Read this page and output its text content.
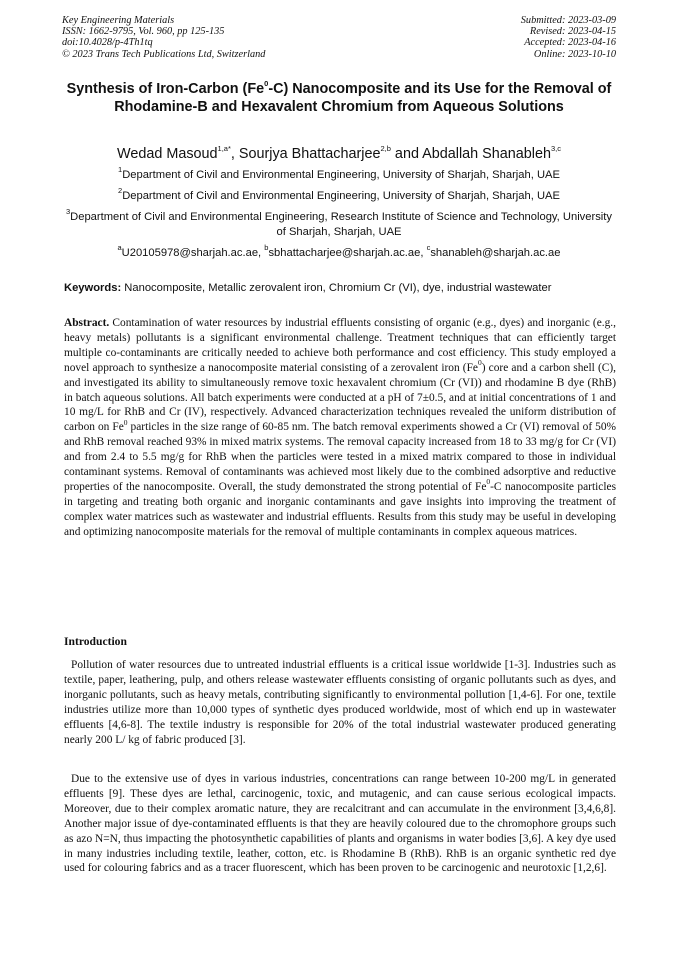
Key Engineering Materials
ISSN: 1662-9795, Vol. 960, pp 125-135
doi:10.4028/p-4Th1tq
© 2023 Trans Tech Publications Ltd, Switzerland
Submitted: 2023-03-09
Revised: 2023-04-15
Accepted: 2023-04-16
Online: 2023-10-10
Synthesis of Iron-Carbon (Fe$^0$-C) Nanocomposite and its Use for the Removal of Rhodamine-B and Hexavalent Chromium from Aqueous Solutions
Wedad Masoud$^{1,a*}$, Sourjya Bhattacharjee$^{2,b}$ and Abdallah Shanableh$^{3,c}$
$^1$Department of Civil and Environmental Engineering, University of Sharjah, Sharjah, UAE
$^2$Department of Civil and Environmental Engineering, University of Sharjah, Sharjah, UAE
$^3$Department of Civil and Environmental Engineering, Research Institute of Science and Technology, University of Sharjah, Sharjah, UAE
$^a$U20105978@sharjah.ac.ae, $^b$sbhattacharjee@sharjah.ac.ae, $^c$shanableh@sharjah.ac.ae
Keywords: Nanocomposite, Metallic zerovalent iron, Chromium Cr (VI), dye, industrial wastewater
Abstract. Contamination of water resources by industrial effluents consisting of organic (e.g., dyes) and inorganic (e.g., heavy metals) pollutants is a significant environmental challenge. Treatment techniques that can efficiently target multiple co-contaminants are critically needed to achieve both performance and cost efficiency. This study employed a novel approach to synthesize a nanocomposite material consisting of a zerovalent iron (Fe$^0$) core and a carbon shell (C), and investigated its ability to simultaneously remove toxic hexavalent chromium (Cr (VI)) and rhodamine B dye (RhB) in batch aqueous solutions. All batch experiments were conducted at a pH of 7±0.5, and at initial concentrations of 1 and 10 mg/L for RhB and Cr (IV), respectively. Advanced characterization techniques revealed the uniform distribution of carbon on Fe$^0$ particles in the size range of 60-85 nm. The batch removal experiments showed a Cr (VI) removal of 50% and RhB removal reached 93% in mixed matrix systems. The removal capacity increased from 18 to 33 mg/g for Cr (VI) and from 2.4 to 5.5 mg/g for RhB when the particles were tested in a mixed matrix compared to those in individual contaminant systems. Removal of contaminants was achieved most likely due to the combined adsorptive and reductive properties of the nanocomposite. Overall, the study demonstrated the strong potential of Fe$^0$-C nanocomposite particles in targeting and treating both organic and inorganic contaminants and gave insights into improving the treatment of complex water matrices such as wastewater and industrial effluents. Results from this study may be useful in developing and optimizing nanocomposite materials for the removal of multiple contaminants in complex aqueous matrices.
Introduction
Pollution of water resources due to untreated industrial effluents is a critical issue worldwide [1-3]. Industries such as textile, paper, leathering, pulp, and others release wastewater effluents consisting of organic pollutants such as dyes, and inorganic pollutants, such as heavy metals, contributing significantly to environmental pollution [1,4-6]. For one, textile industries utilize more than 10,000 types of synthetic dyes produced worldwide, most of which end up in wastewater effluents [4,6-8]. The textile industry is responsible for 20% of the total industrial wastewater produced generating nearly 200 L/ kg of fabric produced [3].
Due to the extensive use of dyes in various industries, concentrations can range between 10-200 mg/L in generated effluents [9]. These dyes are lethal, carcinogenic, toxic, and mutagenic, and can cause serious ecological impacts. Moreover, due to their complex aromatic nature, they are recalcitrant and can accumulate in the environment [3,4,6,8]. Another major issue of dye-contaminated effluents is that they are heavily coloured due to the chromophore groups such as azo N=N, thus impacting the photosynthetic capabilities of plants and organisms in water bodies [3,6]. A key dye used in many industries including textile, leather, cotton, etc. is Rhodamine B (RhB). RhB is an organic synthetic red dye used for colouring fabrics and as a tracer fluorescent, which has been proven to be carcinogenic and neurotoxic [1,2,6].
